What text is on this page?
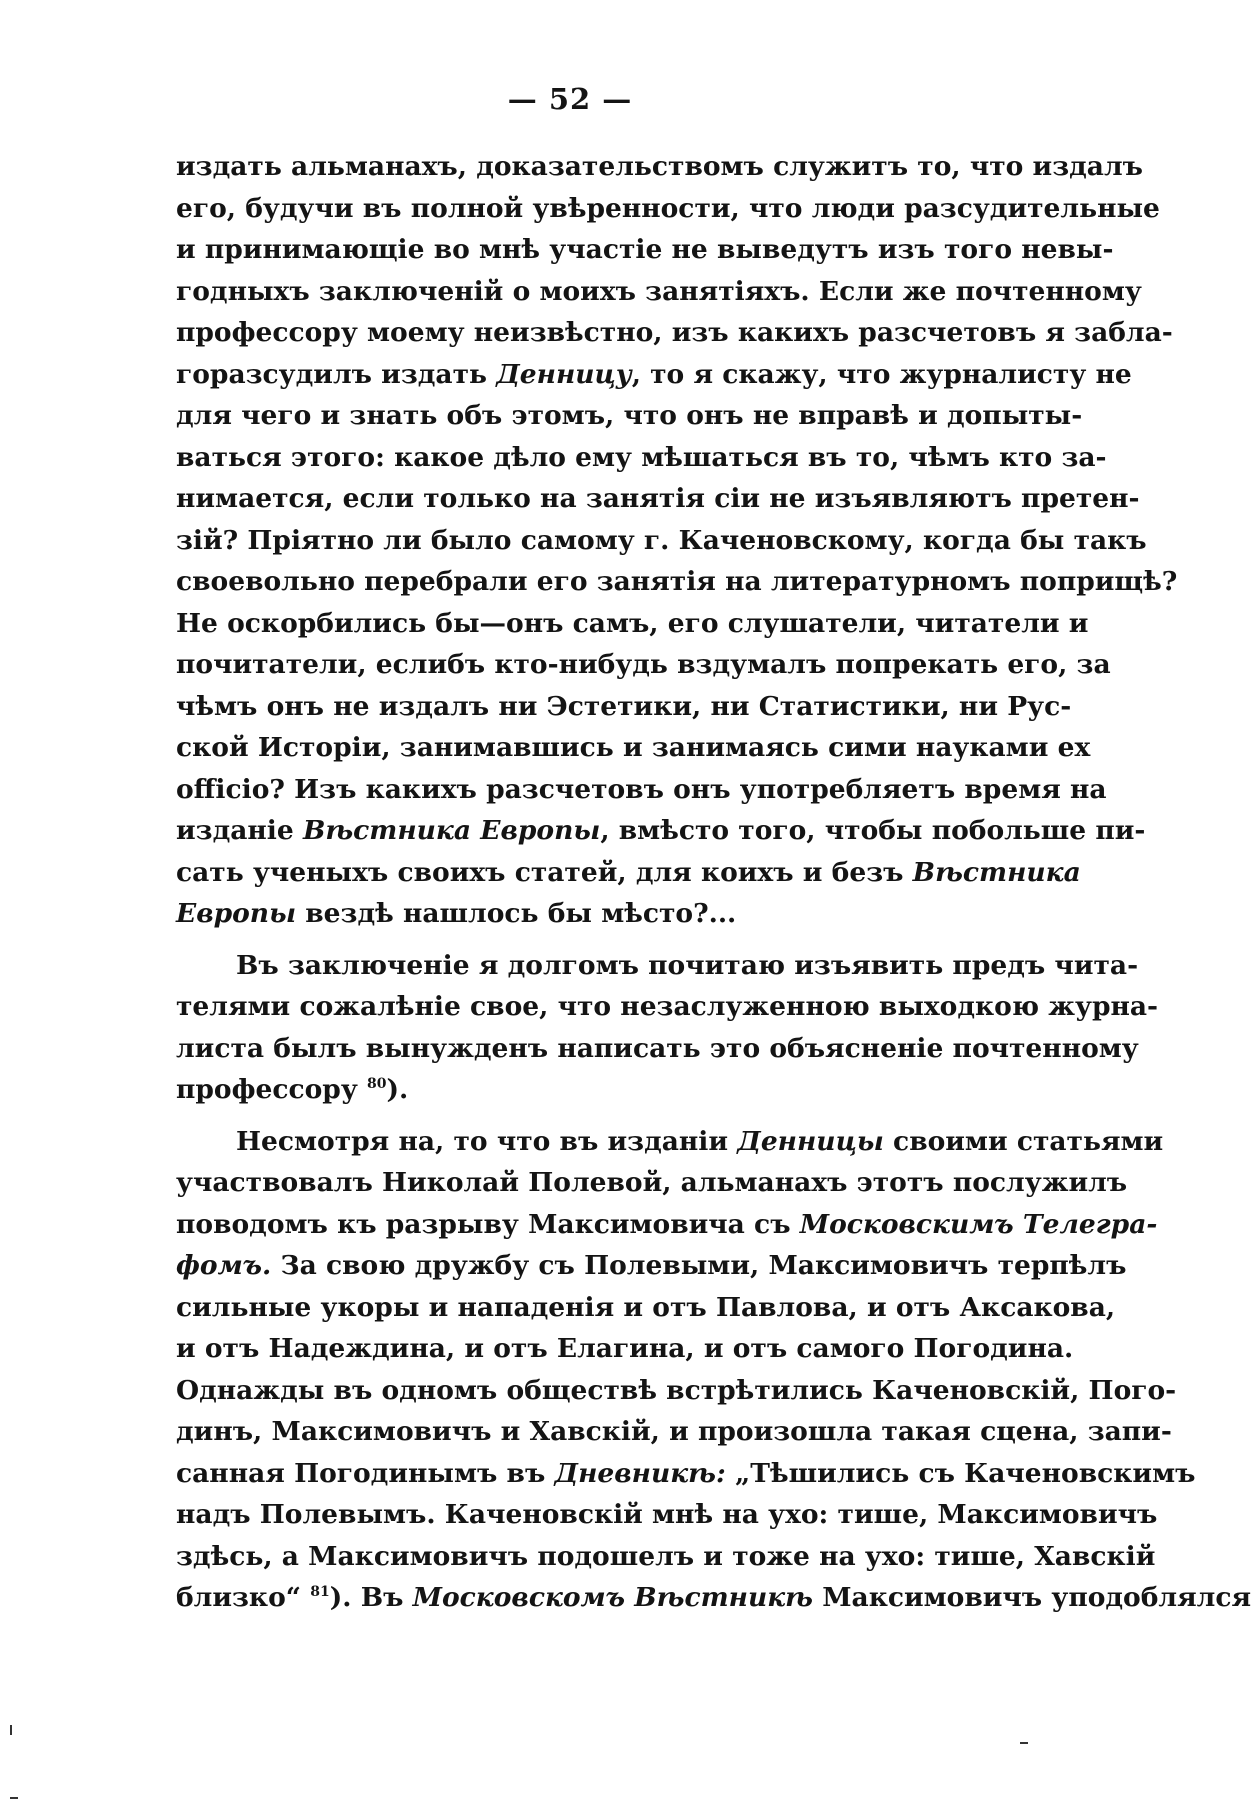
— 52 —
издать альманахъ, доказательствомъ служитъ то, что издалъ
его, будучи въ полной увѣренности, что люди разсудительные
и принимающіе во мнѣ участіе не выведутъ изъ того невы-
годныхъ заключеній о моихъ занятіяхъ. Если же почтенному
профессору моему неизвѣстно, изъ какихъ разсчетовъ я забла-
горазсудилъ издать Денницу, то я скажу, что журналисту не
для чего и знать объ этомъ, что онъ не вправѣ и допыты-
ваться этого: какое дѣло ему мѣшаться въ то, чѣмъ кто за-
нимается, если только на занятія сіи не изъявляютъ претен-
зій? Пріятно ли было самому г. Каченовскому, когда бы такъ
своевольно перебрали его занятія на литературномъ поприщѣ?
Не оскорбились бы—онъ самъ, его слушатели, читатели и
почитатели, еслибъ кто-нибудь вздумалъ попрекать его, за
чѣмъ онъ не издалъ ни Эстетики, ни Статистики, ни Рус-
ской Исторіи, занимавшись и занимаясь сими науками ex
officio? Изъ какихъ разсчетовъ онъ употребляетъ время на
изданіе Вѣстника Европы, вмѣсто того, чтобы побольше пи-
сать ученыхъ своихъ статей, для коихъ и безъ Вѣстника
Европы вездѣ нашлось бы мѣсто?...
Въ заключеніе я долгомъ почитаю изъявить предъ чита-
телями сожалѣніе свое, что незаслуженною выходкою журна-
листа былъ вынужденъ написать это объясненіе почтенному
профессору $^{80}$).
Несмотря на, то что въ изданіи Денницы своими статьями
участвовалъ Николай Полевой, альманахъ этотъ послужилъ
поводомъ къ разрыву Максимовича съ Московскимъ Телегра-
фомъ. За свою дружбу съ Полевыми, Максимовичъ терпѣлъ
сильные укоры и нападенія и отъ Павлова, и отъ Аксакова,
и отъ Надеждина, и отъ Елагина, и отъ самого Погодина.
Однажды въ одномъ обществѣ встрѣтились Каченовскій, Пого-
динъ, Максимовичъ и Хавскій, и произошла такая сцена, запи-
санная Погодинымъ въ Дневникѣ: „Тѣшились съ Каченовскимъ
надъ Полевымъ. Каченовскій мнѣ на ухо: тише, Максимовичъ
здѣсь, а Максимовичъ подошелъ и тоже на ухо: тише, Хавскій
близко“ $^{81}$). Въ Московскомъ Вѣстникѣ Максимовичъ уподоблялся
